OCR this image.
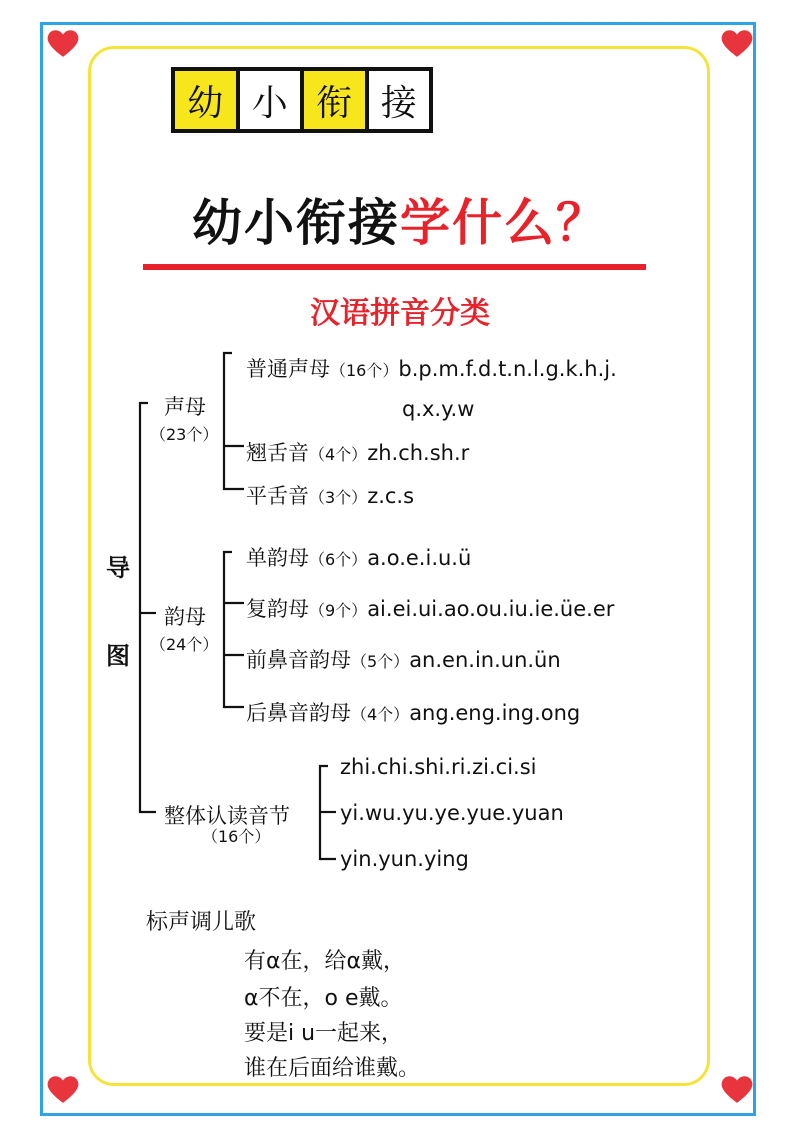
幼 小 衔 接
幼小衔接学什么？
汉语拼音分类
导
图
声母
（23个）
普通声母（16个）b.p.m.f.d.t.n.l.g.k.h.j.
q.x.y.w
翘舌音（4个）zh.ch.sh.r
平舌音（3个）z.c.s
韵母
（24个）
单韵母（6个）a.o.e.i.u.ü
复韵母（9个）ai.ei.ui.ao.ou.iu.ie.üe.er
前鼻音韵母（5个）an.en.in.un.ün
后鼻音韵母（4个）ang.eng.ing.ong
整体认读音节
（16个）
zhi.chi.shi.ri.zi.ci.si
yi.wu.yu.ye.yue.yuan
yin.yun.ying
标声调儿歌
有α在，给α戴，
α不在，o e戴。
要是i u一起来，
谁在后面给谁戴。
